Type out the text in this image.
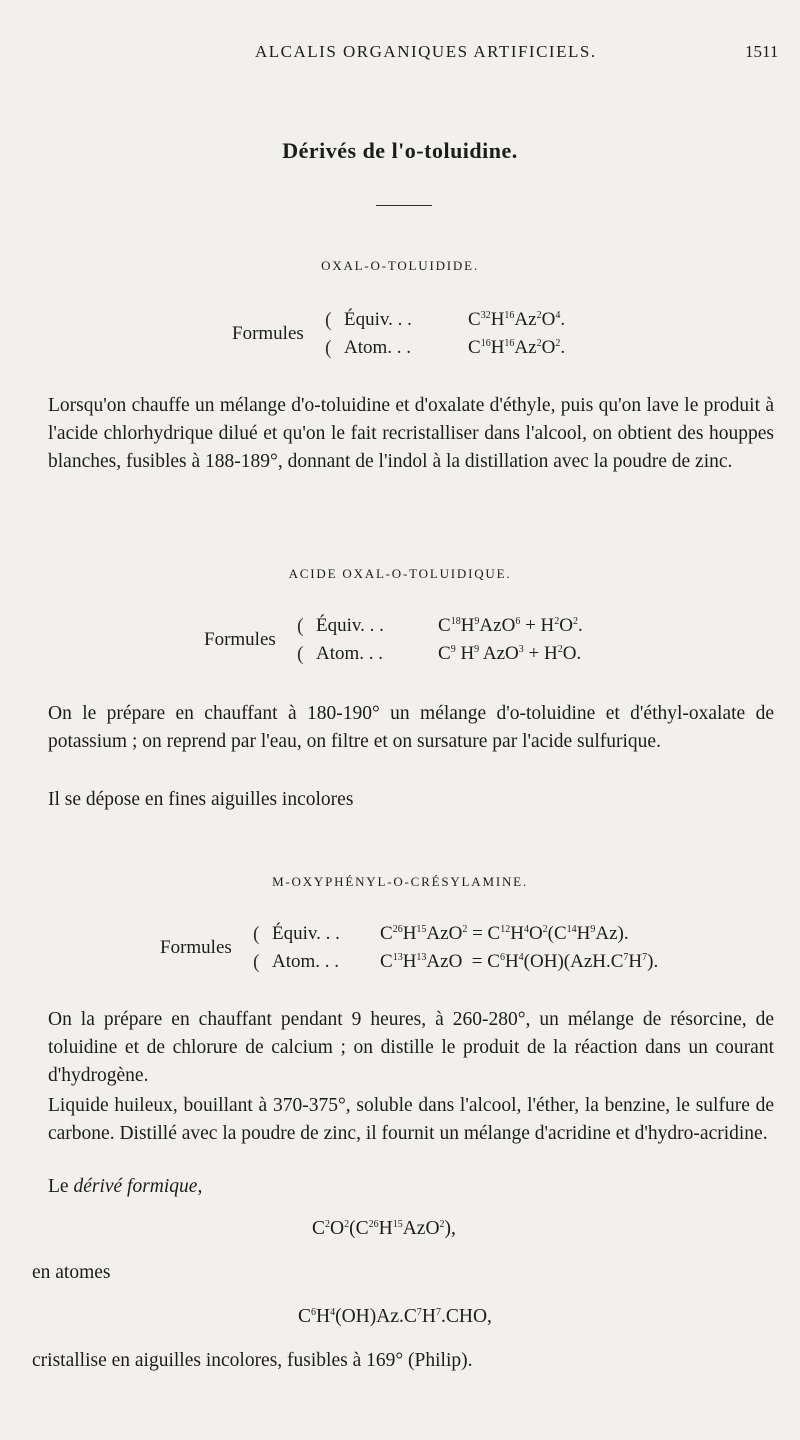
ALCALIS ORGANIQUES ARTIFICIELS.	1511
Dérivés de l'o-toluidine.
OXAL-O-TOLUIDIDE.
Formules
(
(
Équiv. . .	$C^{32}H^{16}Az^2O^4$.
Atom. . .	$C^{16}H^{16}Az^2O^2$.

Lorsqu'on chauffe un mélange d'o-toluidine et d'oxalate d'éthyle, puis qu'on lave le produit à l'acide chlorhydrique dilué et qu'on le fait recristalliser dans l'alcool, on obtient des houppes blanches, fusibles à 188-189°, donnant de l'indol à la distillation avec la poudre de zinc.

ACIDE OXAL-O-TOLUIDIQUE.
Formules
(
(
Équiv. . .	$C^{18}H^9AzO^6 + H^2O^2$.
Atom. . .	$C^9$ $H^9$ $AzO^3 + H^2O$.

On le prépare en chauffant à 180-190° un mélange d'o-toluidine et d'éthyl-oxalate de potassium ; on reprend par l'eau, on filtre et on sursature par l'acide sulfurique.

Il se dépose en fines aiguilles incolores

M-OXYPHÉNYL-O-CRÉSYLAMINE.
Formules
(
(
Équiv. . . $C^{26}H^{15}AzO^2 = C^{12}H^4O^2(C^{14}H^9Az)$.
Atom. . . $C^{13}H^{13}AzO = C^6H^4(OH)(AzH.C^7H^7)$.

On la prépare en chauffant pendant 9 heures, à 260-280°, un mélange de résorcine, de toluidine et de chlorure de calcium ; on distille le produit de la réaction dans un courant d'hydrogène.

Liquide huileux, bouillant à 370-375°, soluble dans l'alcool, l'éther, la benzine, le sulfure de carbone. Distillé avec la poudre de zinc, il fournit un mélange d'acridine et d'hydro-acridine.

Le dérivé formique,
$C^2O^2(C^{26}H^{15}AzO^2)$,
en atomes
$C^6H^4(OH)Az.C^7H^7.CHO$,
cristallise en aiguilles incolores, fusibles à 169° (Philip).
